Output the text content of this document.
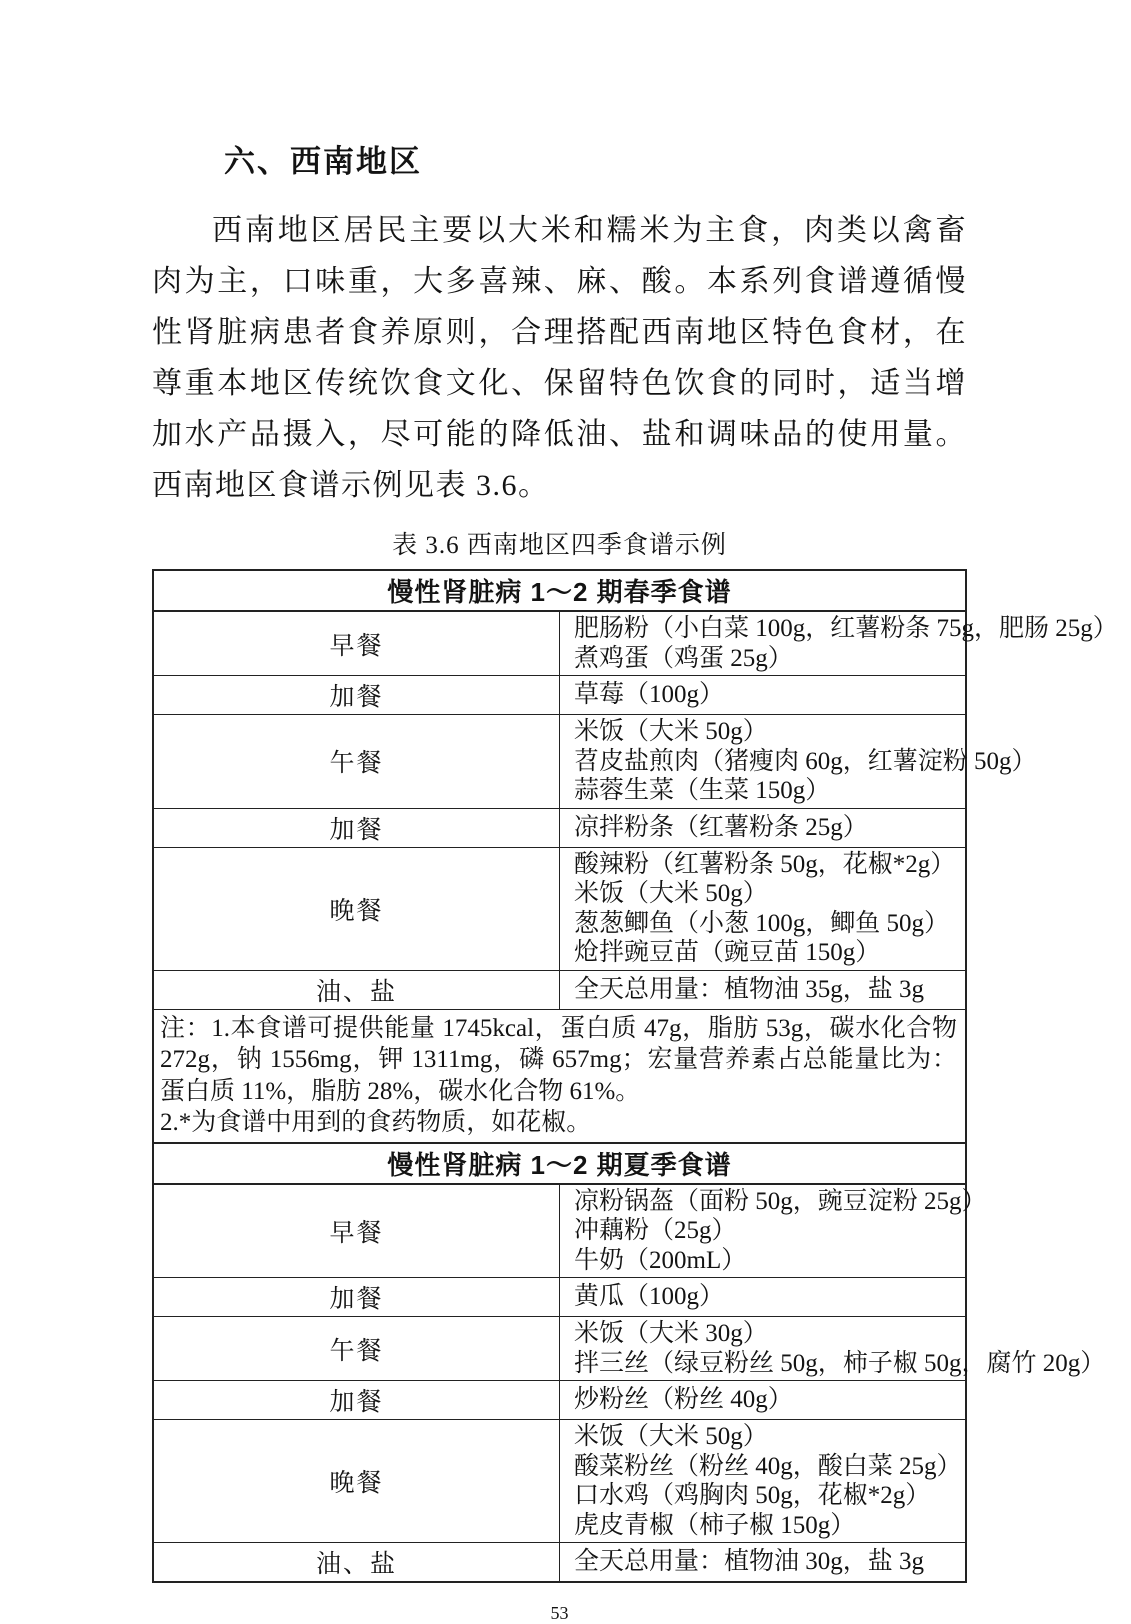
六、西南地区

西南地区居民主要以大米和糯米为主食，肉类以禽畜肉为主，口味重，大多喜辣、麻、酸。本系列食谱遵循慢性肾脏病患者食养原则，合理搭配西南地区特色食材，在尊重本地区传统饮食文化、保留特色饮食的同时，适当增加水产品摄入，尽可能的降低油、盐和调味品的使用量。西南地区食谱示例见表 3.6。

表 3.6 西南地区四季食谱示例
慢性肾脏病 1～2 期春季食谱	
早餐	肥肠粉（小白菜 100g，红薯粉条 75g，肥肠 25g）
煮鸡蛋（鸡蛋 25g）

加餐	草莓（100g）

午餐	米饭（大米 50g）
苕皮盐煎肉（猪瘦肉 60g，红薯淀粉 50g）
蒜蓉生菜（生菜 150g）

加餐	凉拌粉条（红薯粉条 25g）

晚餐	酸辣粉（红薯粉条 50g，花椒*2g）
米饭（大米 50g）
葱葱鲫鱼（小葱 100g，鲫鱼 50g）
炝拌豌豆苗（豌豆苗 150g）

油、盐	全天总用量：植物油 35g，盐 3g

注：1.本食谱可提供能量 1745kcal，蛋白质 47g，脂肪 53g，碳水化合物 272g，钠 1556mg，钾 1311mg，磷 657mg；宏量营养素占总能量比为：蛋白质 11%，脂肪 28%，碳水化合物 61%。
2.*为食谱中用到的食药物质，如花椒。	

慢性肾脏病 1～2 期夏季食谱	
早餐	凉粉锅盔（面粉 50g，豌豆淀粉 25g）
冲藕粉（25g）
牛奶（200mL）

加餐	黄瓜（100g）

午餐	米饭（大米 30g）
拌三丝（绿豆粉丝 50g，柿子椒 50g，腐竹 20g）

加餐	炒粉丝（粉丝 40g）

晚餐	米饭（大米 50g）
酸菜粉丝（粉丝 40g，酸白菜 25g）
口水鸡（鸡胸肉 50g，花椒*2g）
虎皮青椒（柿子椒 150g）

油、盐	全天总用量：植物油 30g，盐 3g
53
